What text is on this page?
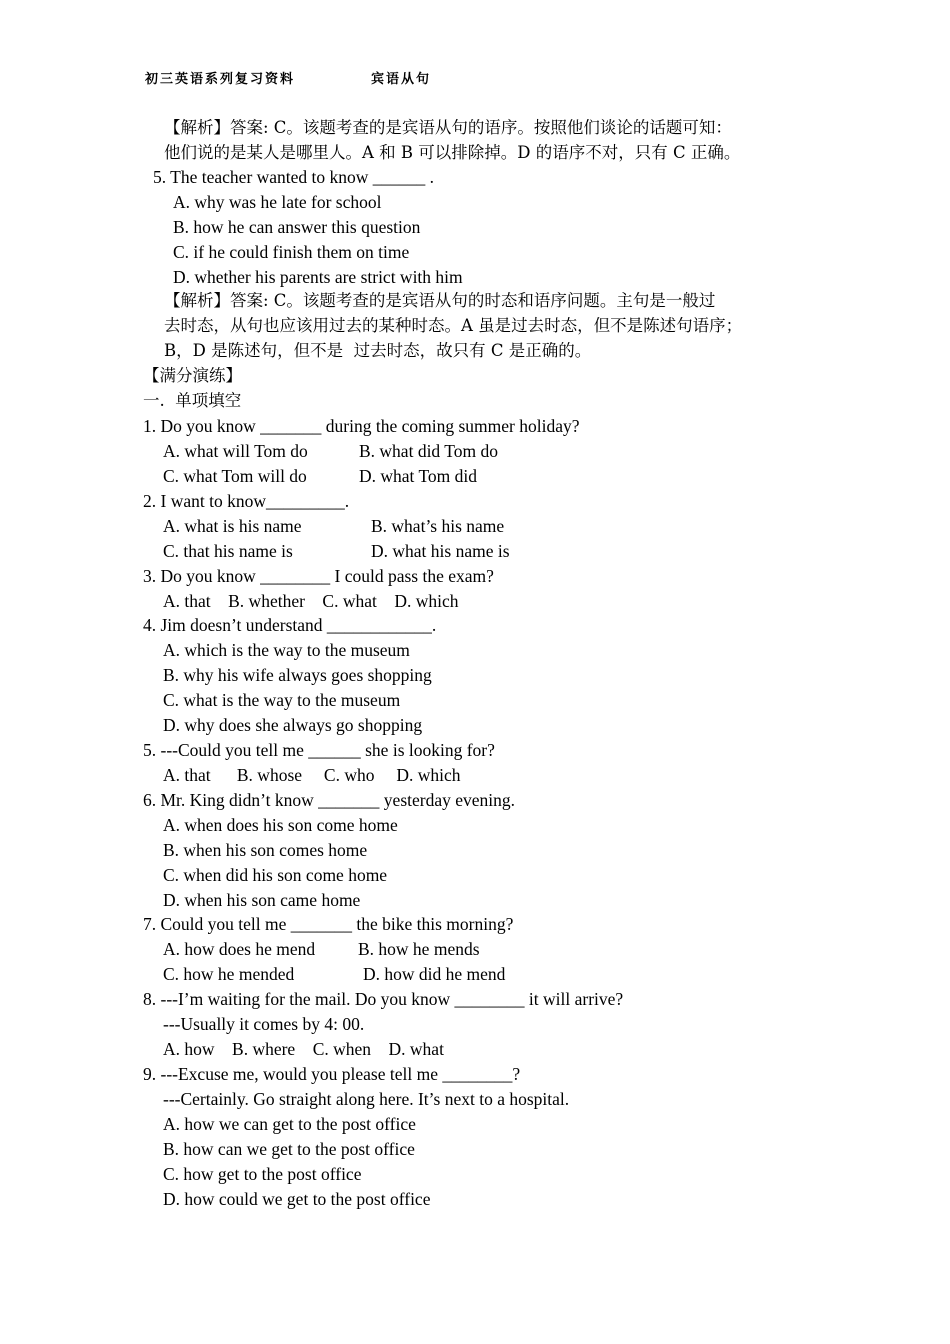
初三英语系列复习资料	宾语从句
【解析】答案: C。该题考查的是宾语从句的语序。按照他们谈论的话题可知：
他们说的是某人是哪里人。A 和 B 可以排除掉。D 的语序不对，只有 C 正确。
5. The teacher wanted to know ______ .
A. why was he late for school
B. how he can answer this question
C. if he could finish them on time
D. whether his parents are strict with him
【解析】答案: C。该题考查的是宾语从句的时态和语序问题。主句是一般过
去时态，从句也应该用过去的某种时态。A 虽是过去时态，但不是陈述句语序；
B，D 是陈述句，但不是  过去时态，故只有 C 是正确的。
【满分演练】
一.  单项填空
1. Do you know _______ during the coming summer holiday?
A. what will Tom do	B. what did Tom do
C. what Tom will do	D. what Tom did
2. I want to know_________.
A. what is his name	B. what’s his name
C. that his name is	D. what his name is
3. Do you know ________ I could pass the exam?
A. that    B. whether    C. what    D. which
4. Jim doesn’t understand ____________.
A. which is the way to the museum
B. why his wife always goes shopping
C. what is the way to the museum
D. why does she always go shopping
5. ---Could you tell me ______ she is looking for?
A. that      B. whose     C. who     D. which
6. Mr. King didn’t know _______ yesterday evening.
A. when does his son come home
B. when his son comes home
C. when did his son come home
D. when his son came home
7. Could you tell me _______ the bike this morning?
A. how does he mend B. how he mends
C. how he mended	D. how did he mend
8. ---I’m waiting for the mail. Do you know ________ it will arrive?
---Usually it comes by 4: 00.
A. how    B. where    C. when    D. what
9. ---Excuse me, would you please tell me ________?
---Certainly. Go straight along here. It’s next to a hospital.
A. how we can get to the post office
B. how can we get to the post office
C. how get to the post office
D. how could we get to the post office
